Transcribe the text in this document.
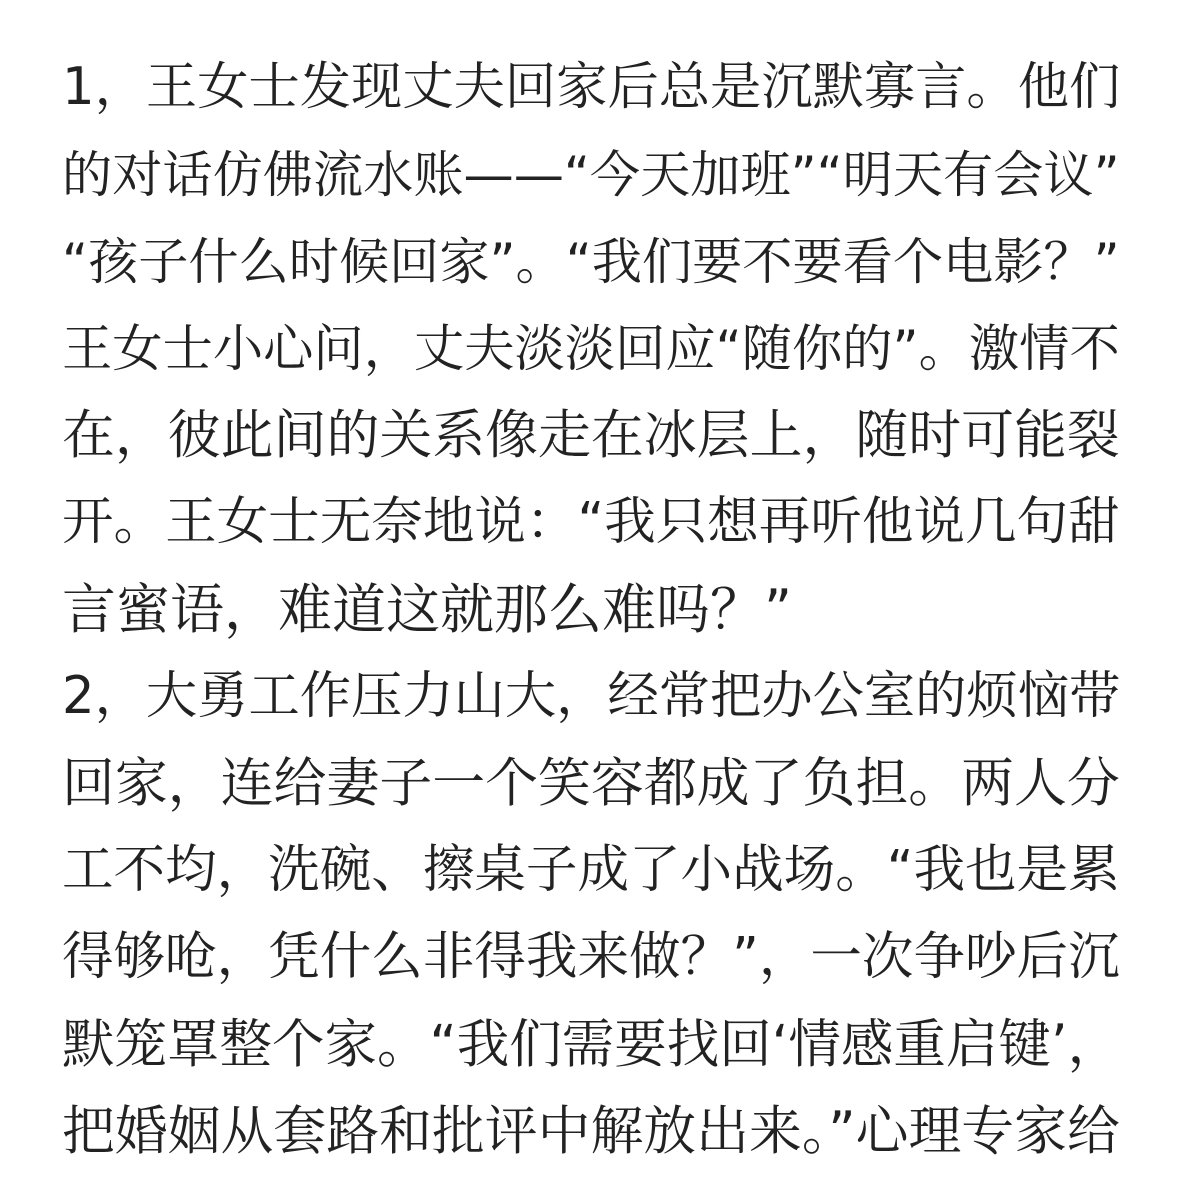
1，王女士发现丈夫回家后总是沉默寡言。他们
的对话仿佛流水账——“今天加班”“明天有会议”
“孩子什么时候回家”。“我们要不要看个电影？”
王女士小心问，丈夫淡淡回应“随你的”。激情不
在，彼此间的关系像走在冰层上，随时可能裂
开。王女士无奈地说：“我只想再听他说几句甜
言蜜语，难道这就那么难吗？”
2，大勇工作压力山大，经常把办公室的烦恼带
回家，连给妻子一个笑容都成了负担。两人分
工不均，洗碗、擦桌子成了小战场。“我也是累
得够呛，凭什么非得我来做？”，一次争吵后沉
默笼罩整个家。“我们需要找回‘情感重启键’，
把婚姻从套路和批评中解放出来。”心理专家给
